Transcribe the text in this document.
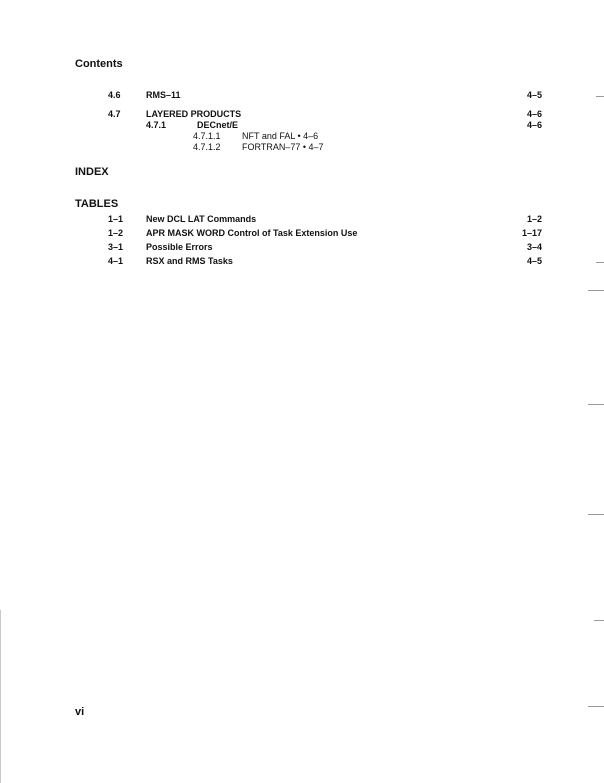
Contents
4.6	RMS–11	4–5
4.7	LAYERED PRODUCTS	4–6
4.7.1	DECnet/E	4–6
4.7.1.1 NFT and FAL • 4–6
4.7.1.2 FORTRAN–77 • 4–7
INDEX
TABLES
1–1	New DCL LAT Commands	1–2
1–2	APR MASK WORD Control of Task Extension Use	1–17
3–1	Possible Errors	3–4
4–1	RSX and RMS Tasks	4–5
vi
